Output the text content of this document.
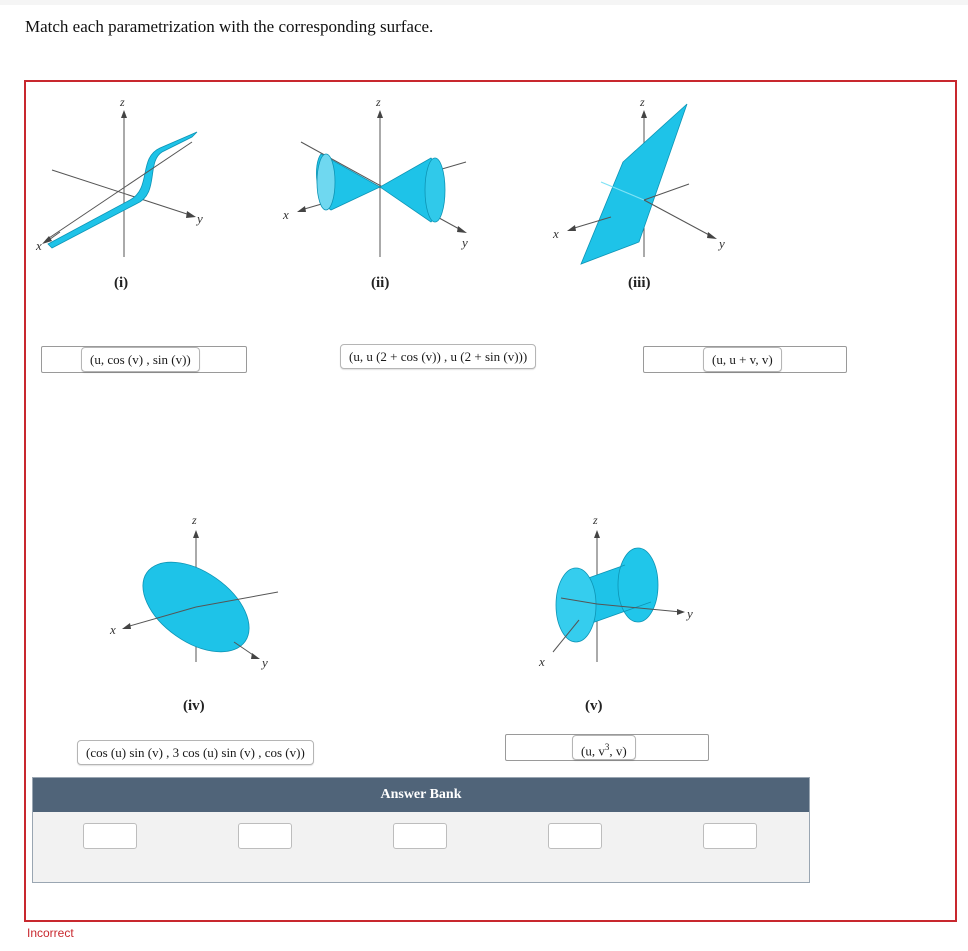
Match each parametrization with the corresponding surface.
z
y
x
(i)
z
y
x
(ii)
z
y
x
(iii)
(u, cos (v) , sin (v))	(u, u (2 + cos (v)) , u (2 + sin (v)))	(u, u + v, v)
z
x
y
(iv)
z
y
x
(v)
(cos (u) sin (v) , 3 cos (u) sin (v) , cos (v))	(u, $v^3$, v)
Answer Bank
Incorrect
